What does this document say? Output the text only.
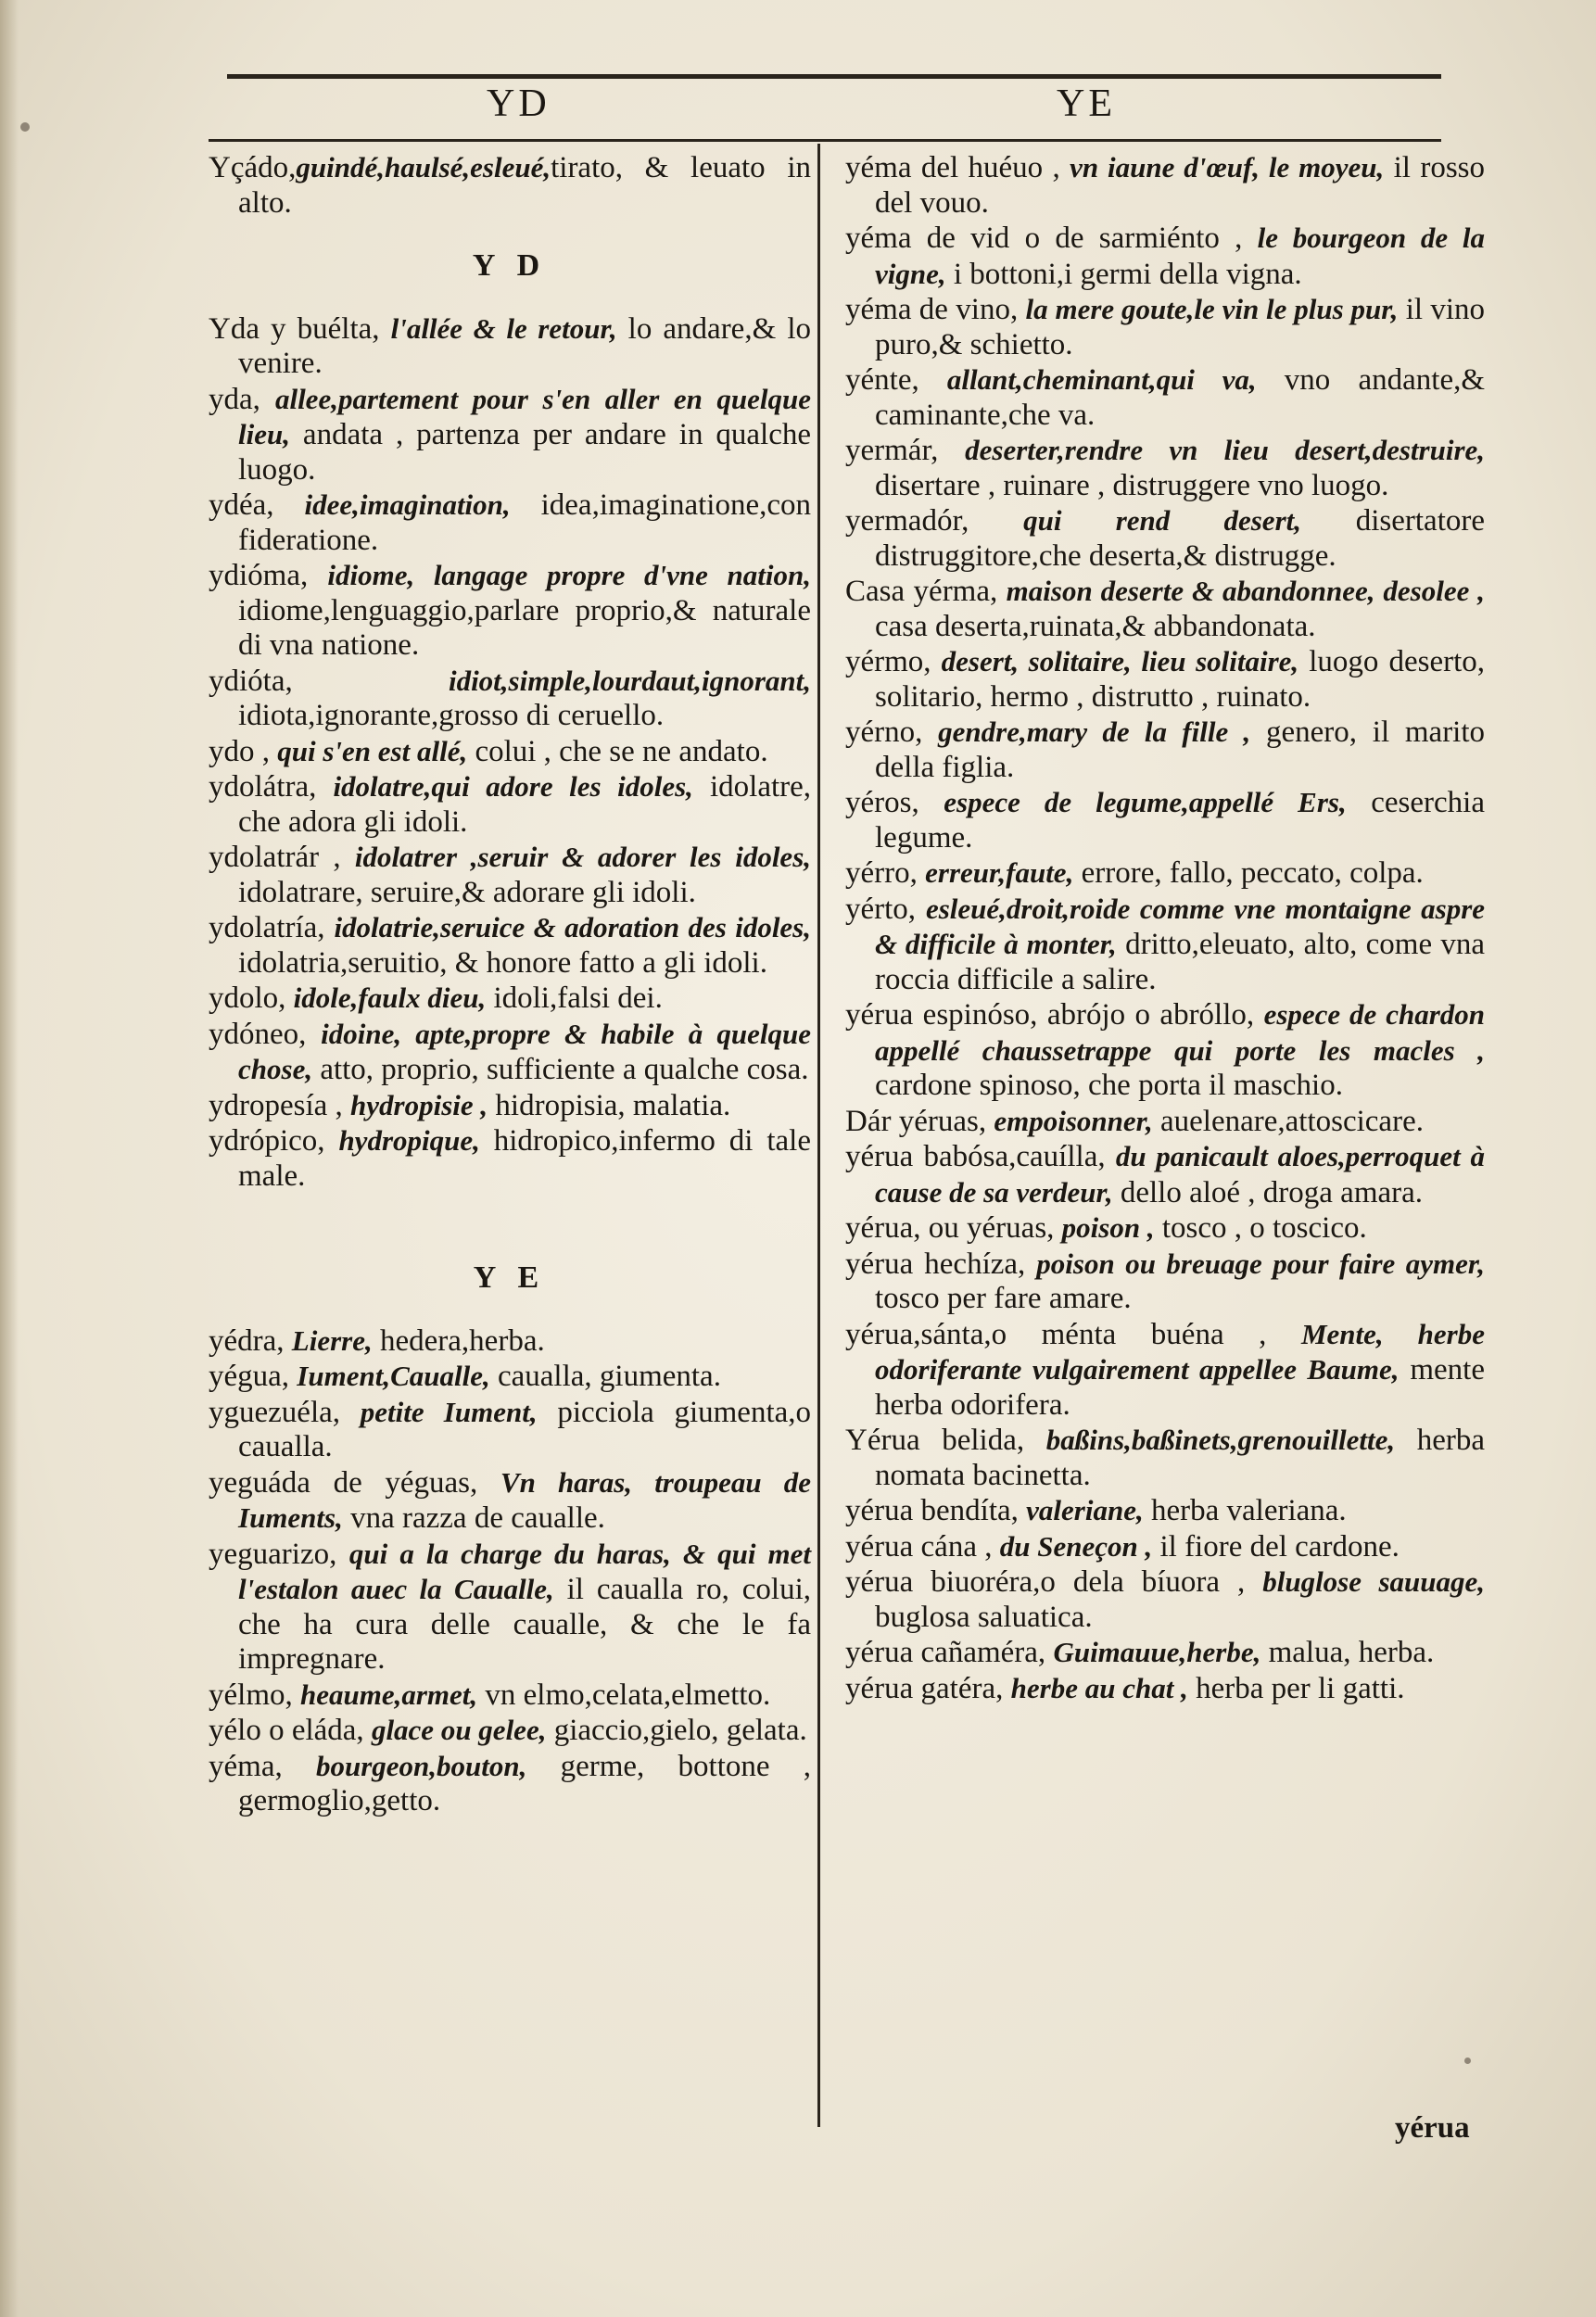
YD	YE

Yçádo,guindé,haulsé,esleué,tirato, & leuato in alto.

Y D

Yda y buélta, l'allée & le retour, lo andare,& lo venire.

yda, allee,partement pour s'en aller en quelque lieu, andata , partenza per andare in qualche luogo.

ydéa, idee,imagination, idea,imaginatione,con fideratione.

ydióma, idiome, langage propre d'vne nation, idiome,lenguaggio,parlare proprio,& naturale di vna natione.

ydióta,	idiot,simple,lourdaut,ignorant, idiota,ignorante,grosso di ceruello.

ydo , qui s'en est allé, colui , che se ne andato.

ydolátra, idolatre,qui adore les idoles, idolatre, che adora gli idoli.

ydolatrár , idolatrer ,seruir & adorer les idoles, idolatrare, seruire,& adorare gli idoli.

ydolatría, idolatrie,seruice & adoration des idoles, idolatria,seruitio, & honore fatto a gli idoli.

ydolo, idole,faulx dieu, idoli,falsi dei.

ydóneo, idoine, apte,propre & habile à quelque chose, atto, proprio, sufficiente a qualche cosa.

ydropesía , hydropisie , hidropisia, malatia.

ydrópico, hydropique, hidropico,infermo di tale male.

Y E

yédra, Lierre, hedera,herba.

yégua, Iument,Caualle, caualla, giumenta.

yguezuéla, petite Iument, picciola giumenta,o caualla.

yeguáda de yéguas, Vn haras, troupeau de Iuments, vna razza de caualle.

yeguarizo, qui a la charge du haras, & qui met l'estalon auec la Caualle, il caualla ro, colui, che ha cura delle caualle, & che le fa impregnare.

yélmo, heaume,armet, vn elmo,celata,elmetto.

yélo o eláda, glace ou gelee, giaccio,gielo, gelata.

yéma, bourgeon,bouton, germe, bottone , germoglio,getto.

yéma del huéuo , vn iaune d'œuf, le moyeu, il rosso del vouo.

yéma de vid o de sarmiénto , le bourgeon de la vigne, i bottoni,i germi della vigna.

yéma de vino, la mere goute,le vin le plus pur, il vino puro,& schietto.

yénte, allant,cheminant,qui va, vno andante,& caminante,che va.

yermár, deserter,rendre vn lieu desert,destruire, disertare , ruinare , distruggere vno luogo.

yermadór, qui rend desert, disertatore distruggitore,che deserta,& distrugge.

Casa yérma, maison deserte & abandonnee, desolee , casa deserta,ruinata,& abbandonata.

yérmo, desert, solitaire, lieu solitaire, luogo deserto, solitario, hermo , distrutto , ruinato.

yérno, gendre,mary de la fille , genero, il marito della figlia.

yéros, espece de legume,appellé Ers, ceserchia legume.

yérro, erreur,faute, errore, fallo, peccato, colpa.

yérto, esleué,droit,roide comme vne montaigne aspre & difficile à monter, dritto,eleuato, alto, come vna roccia difficile a salire.

yérua espinóso, abrójo o abróllo, espece de chardon appellé chaussetrappe qui porte les macles , cardone spinoso, che porta il maschio.

Dár yéruas, empoisonner, auelenare,attoscicare.

yérua babósa,cauílla, du panicault aloes,perroquet à cause de sa verdeur, dello aloé , droga amara.

yérua, ou yéruas, poison , tosco , o toscico.

yérua hechíza, poison ou breuage pour faire aymer, tosco per fare amare.

yérua,sánta,o ménta buéna , Mente, herbe odoriferante vulgairement appellee Baume, mente herba odorifera.

Yérua belida, baßins,baßinets,grenouillette, herba nomata bacinetta.

yérua bendíta, valeriane, herba valeriana.

yérua cána , du Seneçon , il fiore del cardone.

yérua biuoréra,o dela bíuora , bluglose sauuage, buglosa saluatica.

yérua cañaméra, Guimauue,herbe, malua, herba.

yérua gatéra, herbe au chat , herba per li gatti.

yérua
